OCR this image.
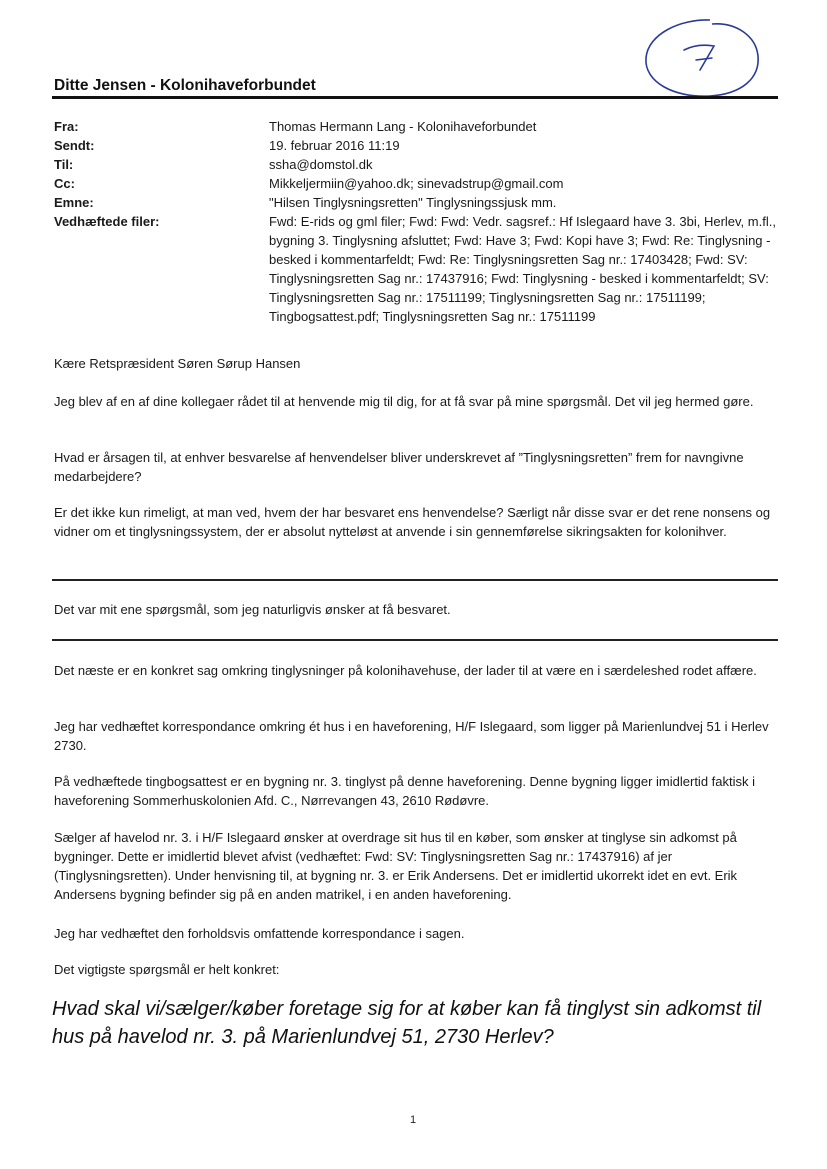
Ditte Jensen - Kolonihaveforbundet
Fra:	Thomas Hermann Lang - Kolonihaveforbundet
Sendt:	19. februar 2016 11:19
Til:	ssha@domstol.dk
Cc:	Mikkeljermiin@yahoo.dk; sinevadstrup@gmail.com
Emne:	"Hilsen Tinglysningsretten" Tinglysningssjusk mm.
Vedhæftede filer:	Fwd: E-rids og gml filer; Fwd: Fwd: Vedr. sagsref.: Hf Islegaard have 3. 3bi, Herlev, m.fl., bygning 3. Tinglysning afsluttet; Fwd: Have 3; Fwd: Kopi have 3; Fwd: Re: Tinglysning - besked i kommentarfeldt; Fwd: Re: Tinglysningsretten Sag nr.: 17403428; Fwd: SV: Tinglysningsretten Sag nr.: 17437916; Fwd: Tinglysning - besked i kommentarfeldt; SV: Tinglysningsretten Sag nr.: 17511199; Tinglysningsretten Sag nr.: 17511199; Tingbogsattest.pdf; Tinglysningsretten Sag nr.: 17511199

Kære Retspræsident Søren Sørup Hansen

Jeg blev af en af dine kollegaer rådet til at henvende mig til dig, for at få svar på mine spørgsmål. Det vil jeg hermed gøre.

Hvad er årsagen til, at enhver besvarelse af henvendelser bliver underskrevet af ”Tinglysningsretten” frem for navngivne medarbejdere?

Er det ikke kun rimeligt, at man ved, hvem der har besvaret ens henvendelse? Særligt når disse svar er det rene nonsens og vidner om et tinglysningssystem, der er absolut nytteløst at anvende i sin gennemførelse sikringsakten for kolonihver.

Det var mit ene spørgsmål, som jeg naturligvis ønsker at få besvaret.

Det næste er en konkret sag omkring tinglysninger på kolonihavehuse, der lader til at være en i særdeleshed rodet affære.

Jeg har vedhæftet korrespondance omkring ét hus i en haveforening, H/F Islegaard, som ligger på Marienlundvej 51 i Herlev 2730.

På vedhæftede tingbogsattest er en bygning nr. 3. tinglyst på denne haveforening. Denne bygning ligger imidlertid faktisk i haveforening Sommerhuskolonien Afd. C., Nørrevangen 43, 2610 Rødøvre.

Sælger af havelod nr. 3. i H/F Islegaard ønsker at overdrage sit hus til en køber, som ønsker at tinglyse sin adkomst på bygninger. Dette er imidlertid blevet afvist (vedhæftet: Fwd: SV: Tinglysningsretten Sag nr.: 17437916) af jer (Tinglysningsretten). Under henvisning til, at bygning nr. 3. er Erik Andersens. Det er imidlertid ukorrekt idet en evt. Erik Andersens bygning befinder sig på en anden matrikel, i en anden haveforening.

Jeg har vedhæftet den forholdsvis omfattende korrespondance i sagen.

Det vigtigste spørgsmål er helt konkret:

Hvad skal vi/sælger/køber foretage sig for at køber kan få tinglyst sin adkomst til hus på havelod nr. 3. på Marienlundvej 51, 2730 Herlev?
1
